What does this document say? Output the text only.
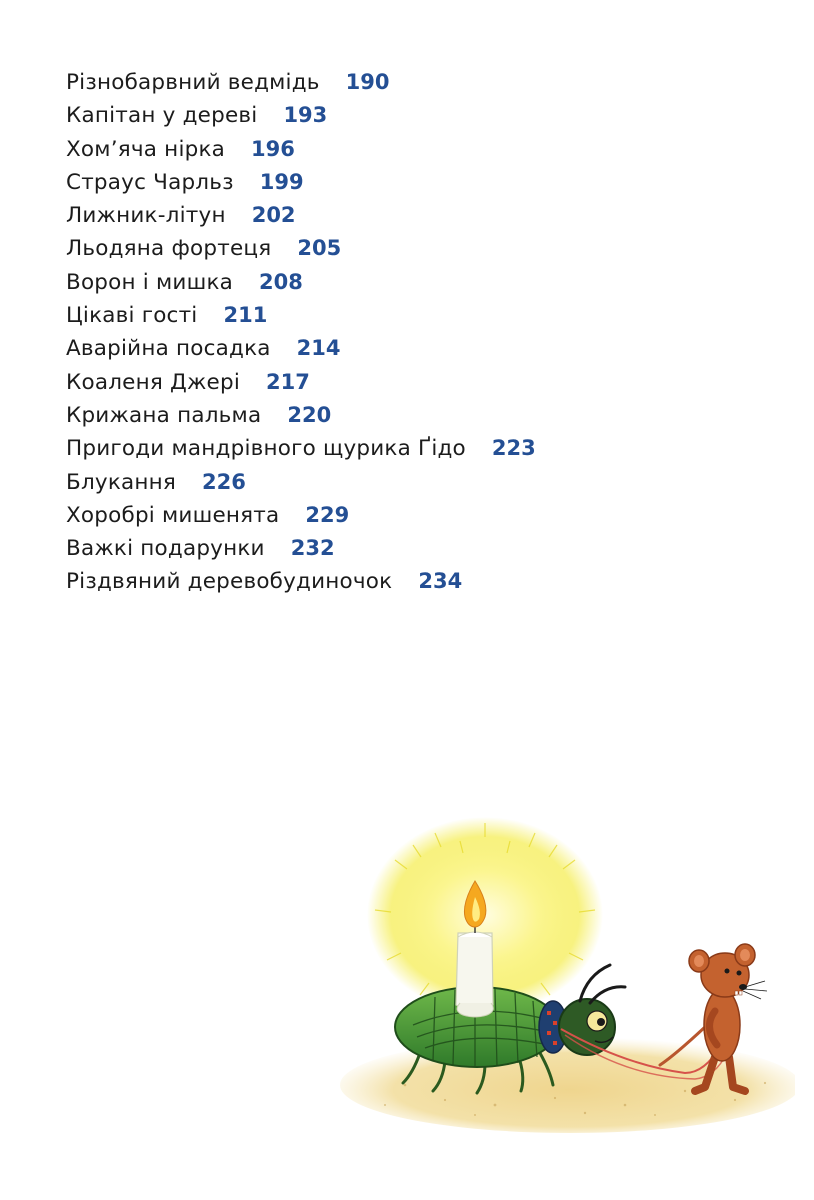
Різнобарвний ведмідь 190
Капітан у дереві 193
Хом’яча нірка 196
Страус Чарльз 199
Лижник-літун 202
Льодяна фортеця 205
Ворон і мишка 208
Цікаві гості 211
Аварійна посадка 214
Коаленя Джері 217
Крижана пальма 220
Пригоди мандрівного щурика Ґідо 223
Блукання 226
Хоробрі мишенята 229
Важкі подарунки 232
Різдвяний деревобудиночок 234
